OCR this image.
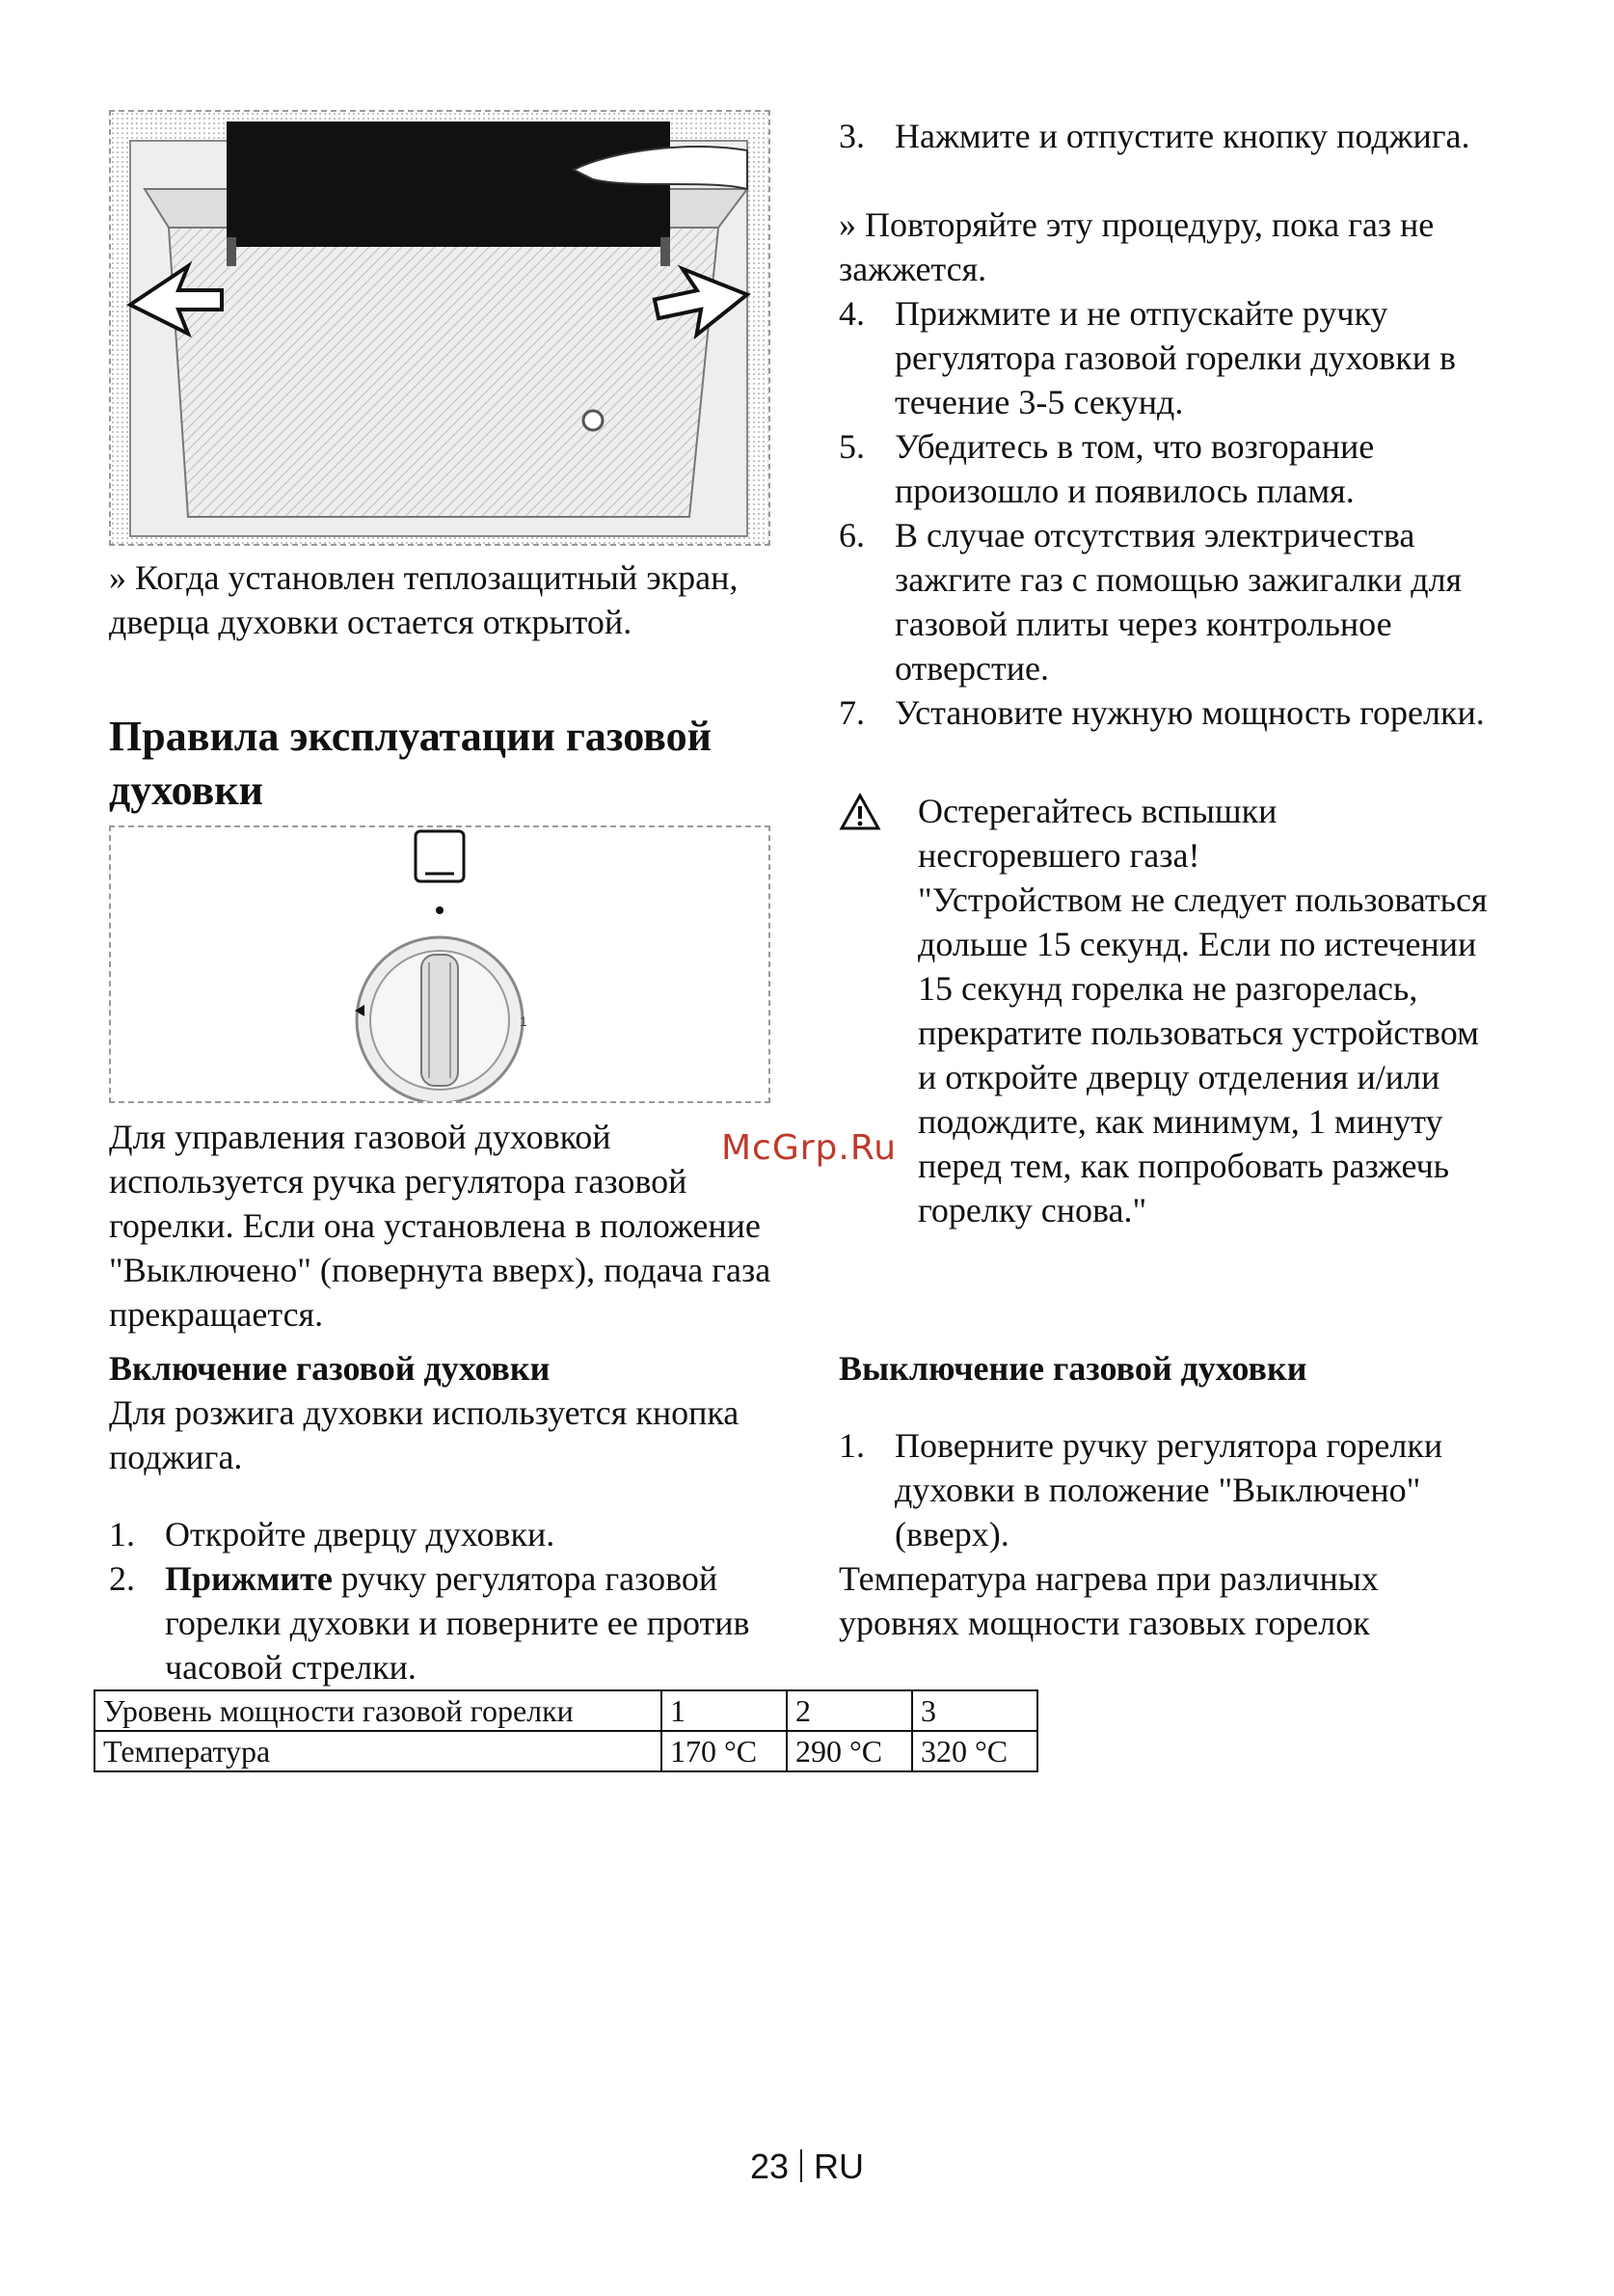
» Когда установлен теплозащитный экран, дверца духовки остается открытой.
Правила эксплуатации газовой
духовки
1
Для управления газовой духовкой используется ручка регулятора газовой горелки. Если она установлена в положение "Выключено" (повернута вверх), подача газа прекращается.
Включение газовой духовки
Для розжига духовки используется кнопка поджига.
1. Откройте дверцу духовки.
2. Прижмите ручку регулятора газовой горелки духовки и поверните ее против часовой стрелки.
3. Нажмите и отпустите кнопку поджига.
» Повторяйте эту процедуру, пока газ не зажжется.
4. Прижмите и не отпускайте ручку регулятора газовой горелки духовки в течение 3-5 секунд.
5. Убедитесь в том, что возгорание произошло и появилось пламя.
6. В случае отсутствия электричества зажгите газ с помощью зажигалки для газовой плиты через контрольное отверстие.
7. Установите нужную мощность горелки.
Остерегайтесь вспышки несгоревшего газа!
"Устройством не следует пользоваться дольше 15 секунд. Если по истечении 15 секунд горелка не разгорелась, прекратите пользоваться устройством и откройте дверцу отделения и/или подождите, как минимум, 1 минуту перед тем, как попробовать разжечь горелку снова."
McGrp.Ru
Выключение газовой духовки
1. Поверните ручку регулятора горелки духовки в положение "Выключено" (вверх).
Температура нагрева при различных уровнях мощности газовых горелок
Уровень мощности газовой горелки	1	2	3
Температура	170 °C	290 °C	320 °C
23 RU
